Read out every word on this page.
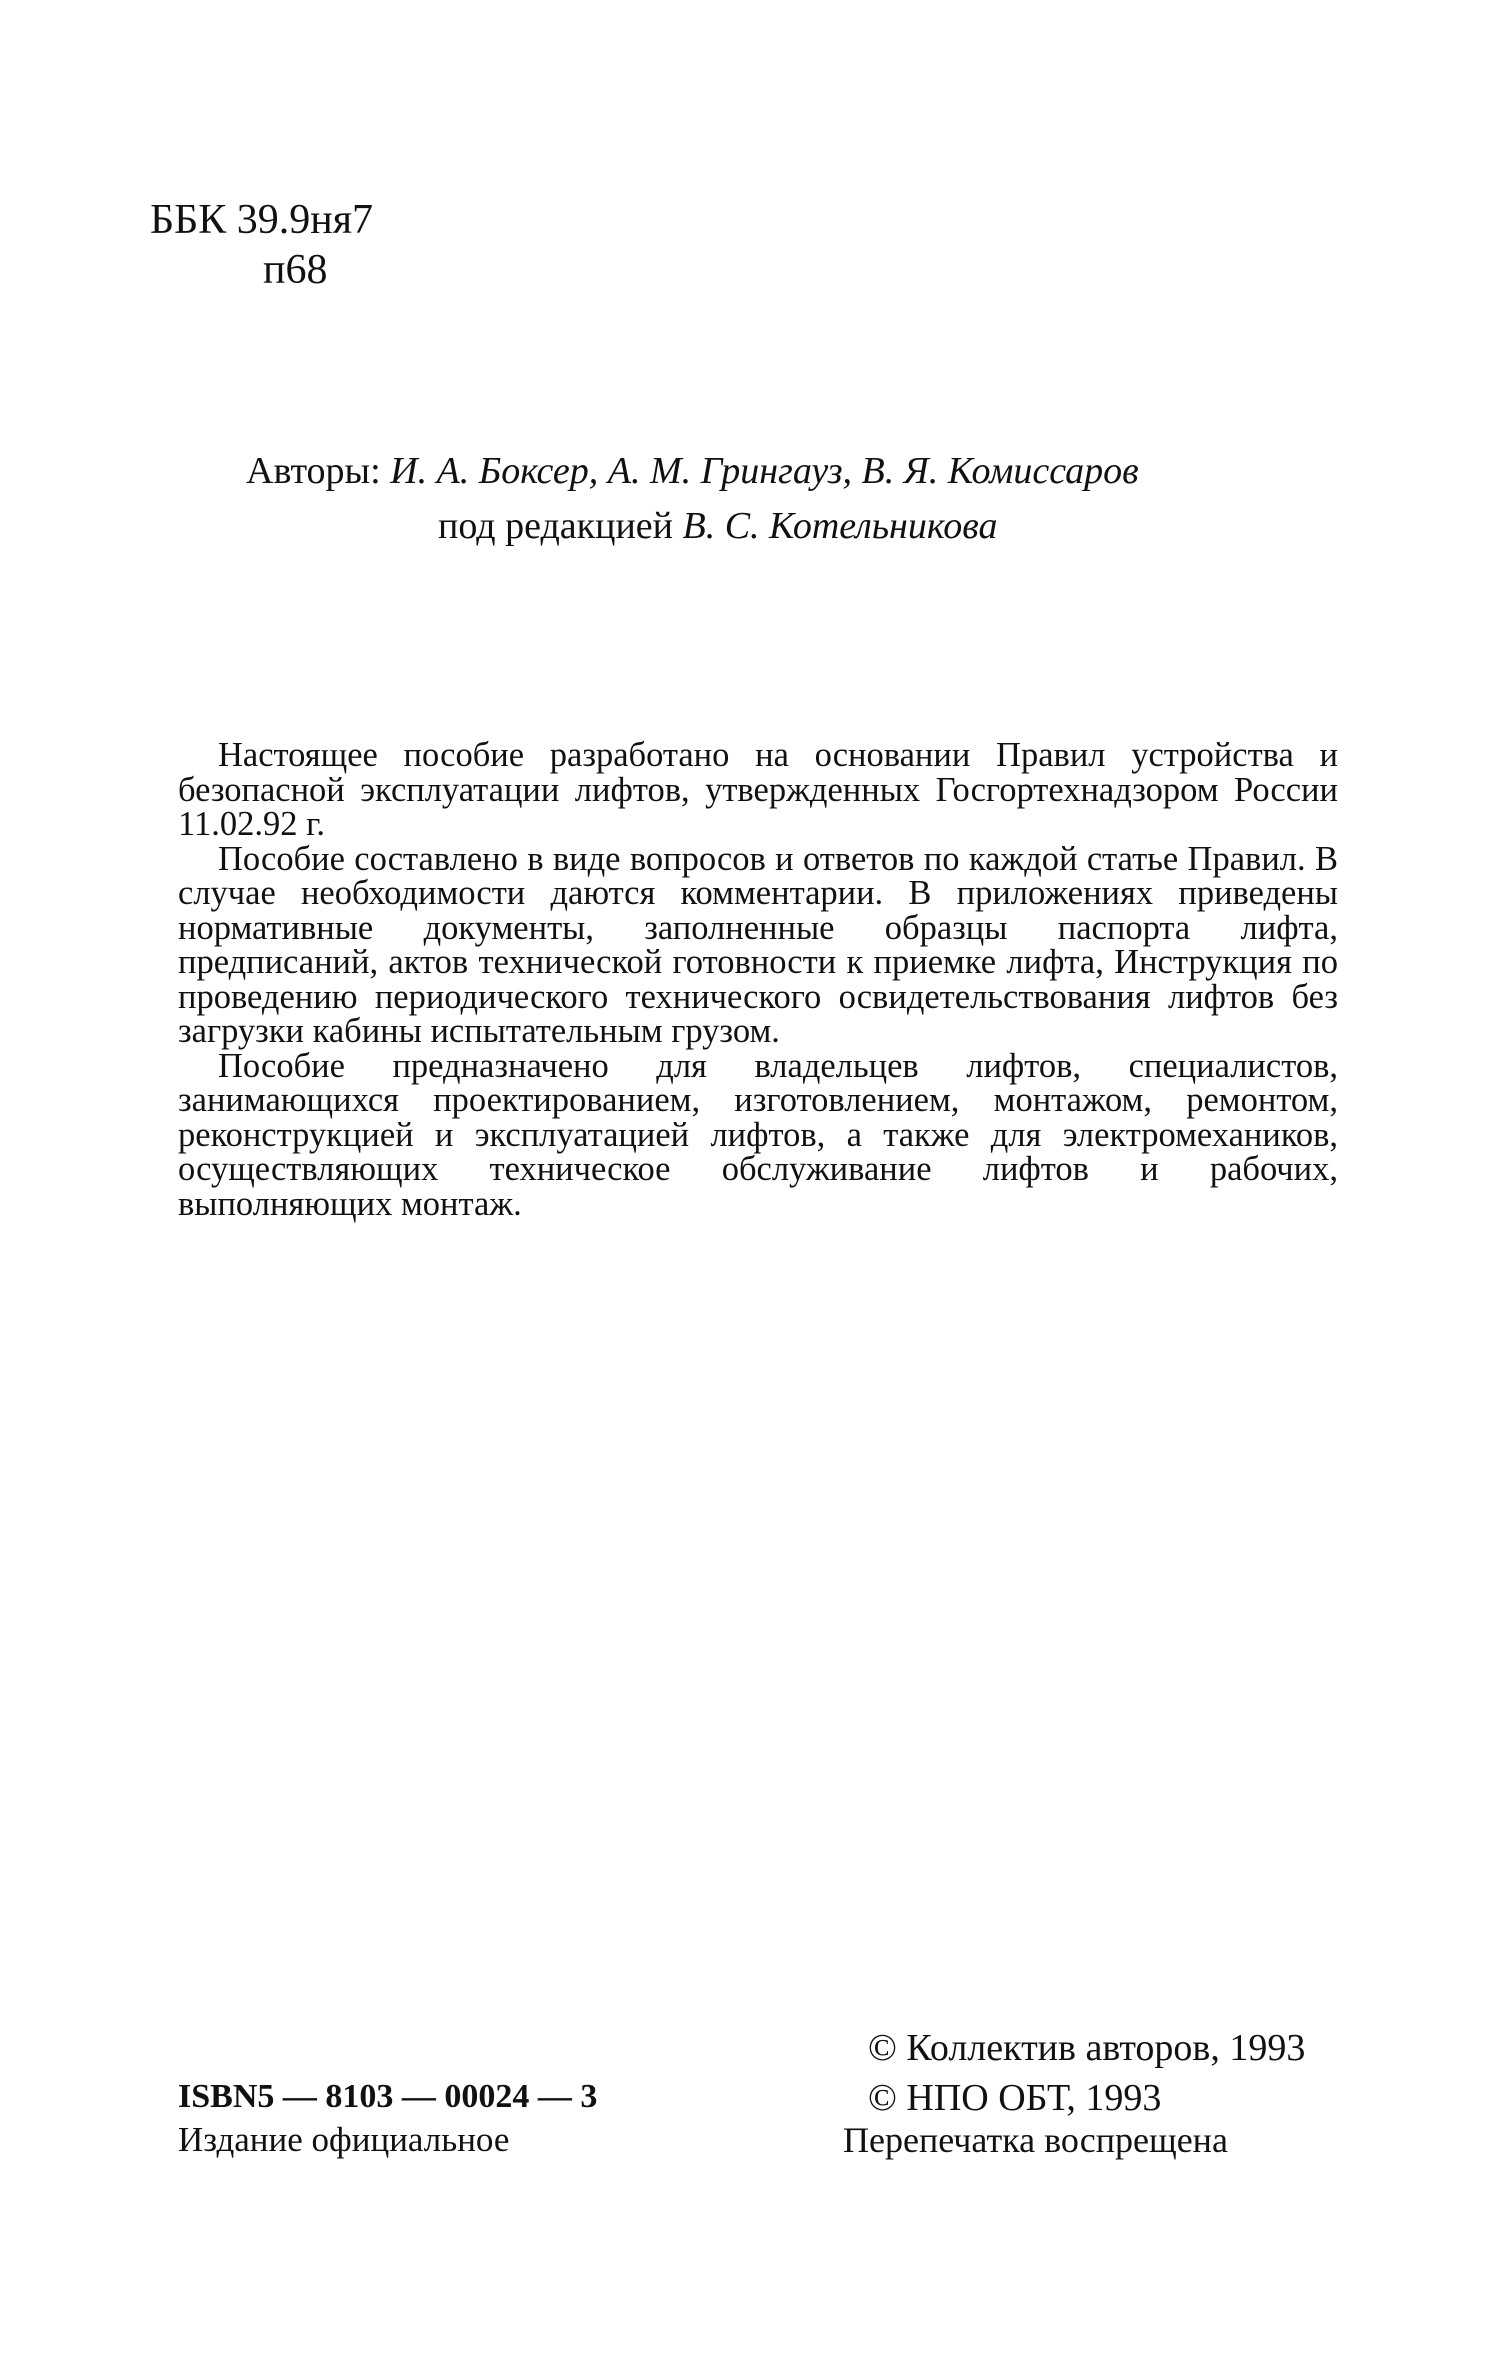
ББК 39.9ня7
п68
Авторы: И. А. Боксер, А. М. Грингауз, В. Я. Комиссаров
под редакцией В. С. Котельникова

Настоящее пособие разработано на основании Правил устройства и безопасной эксплуатации лифтов, утвержденных Госгортехнадзором России 11.02.92 г.

Пособие составлено в виде вопросов и ответов по каждой статье Правил. В случае необходимости даются комментарии. В приложениях приведены нормативные документы, заполненные образцы паспорта лифта, предписаний, актов технической готовности к приемке лифта, Инструкция по проведению периодического технического освидетельствования лифтов без загрузки кабины испытательным грузом.

Пособие предназначено для владельцев лифтов, специалистов, занимающихся проектированием, изготовлением, монтажом, ремонтом, реконструкцией и эксплуатацией лифтов, а также для электромехаников, осуществляющих техническое обслуживание лифтов и рабочих, выполняющих монтаж.

© Коллектив авторов, 1993
ISBN5 — 8103 — 00024 — 3	© НПО ОБТ, 1993
Издание официальное	Перепечатка воспрещена
